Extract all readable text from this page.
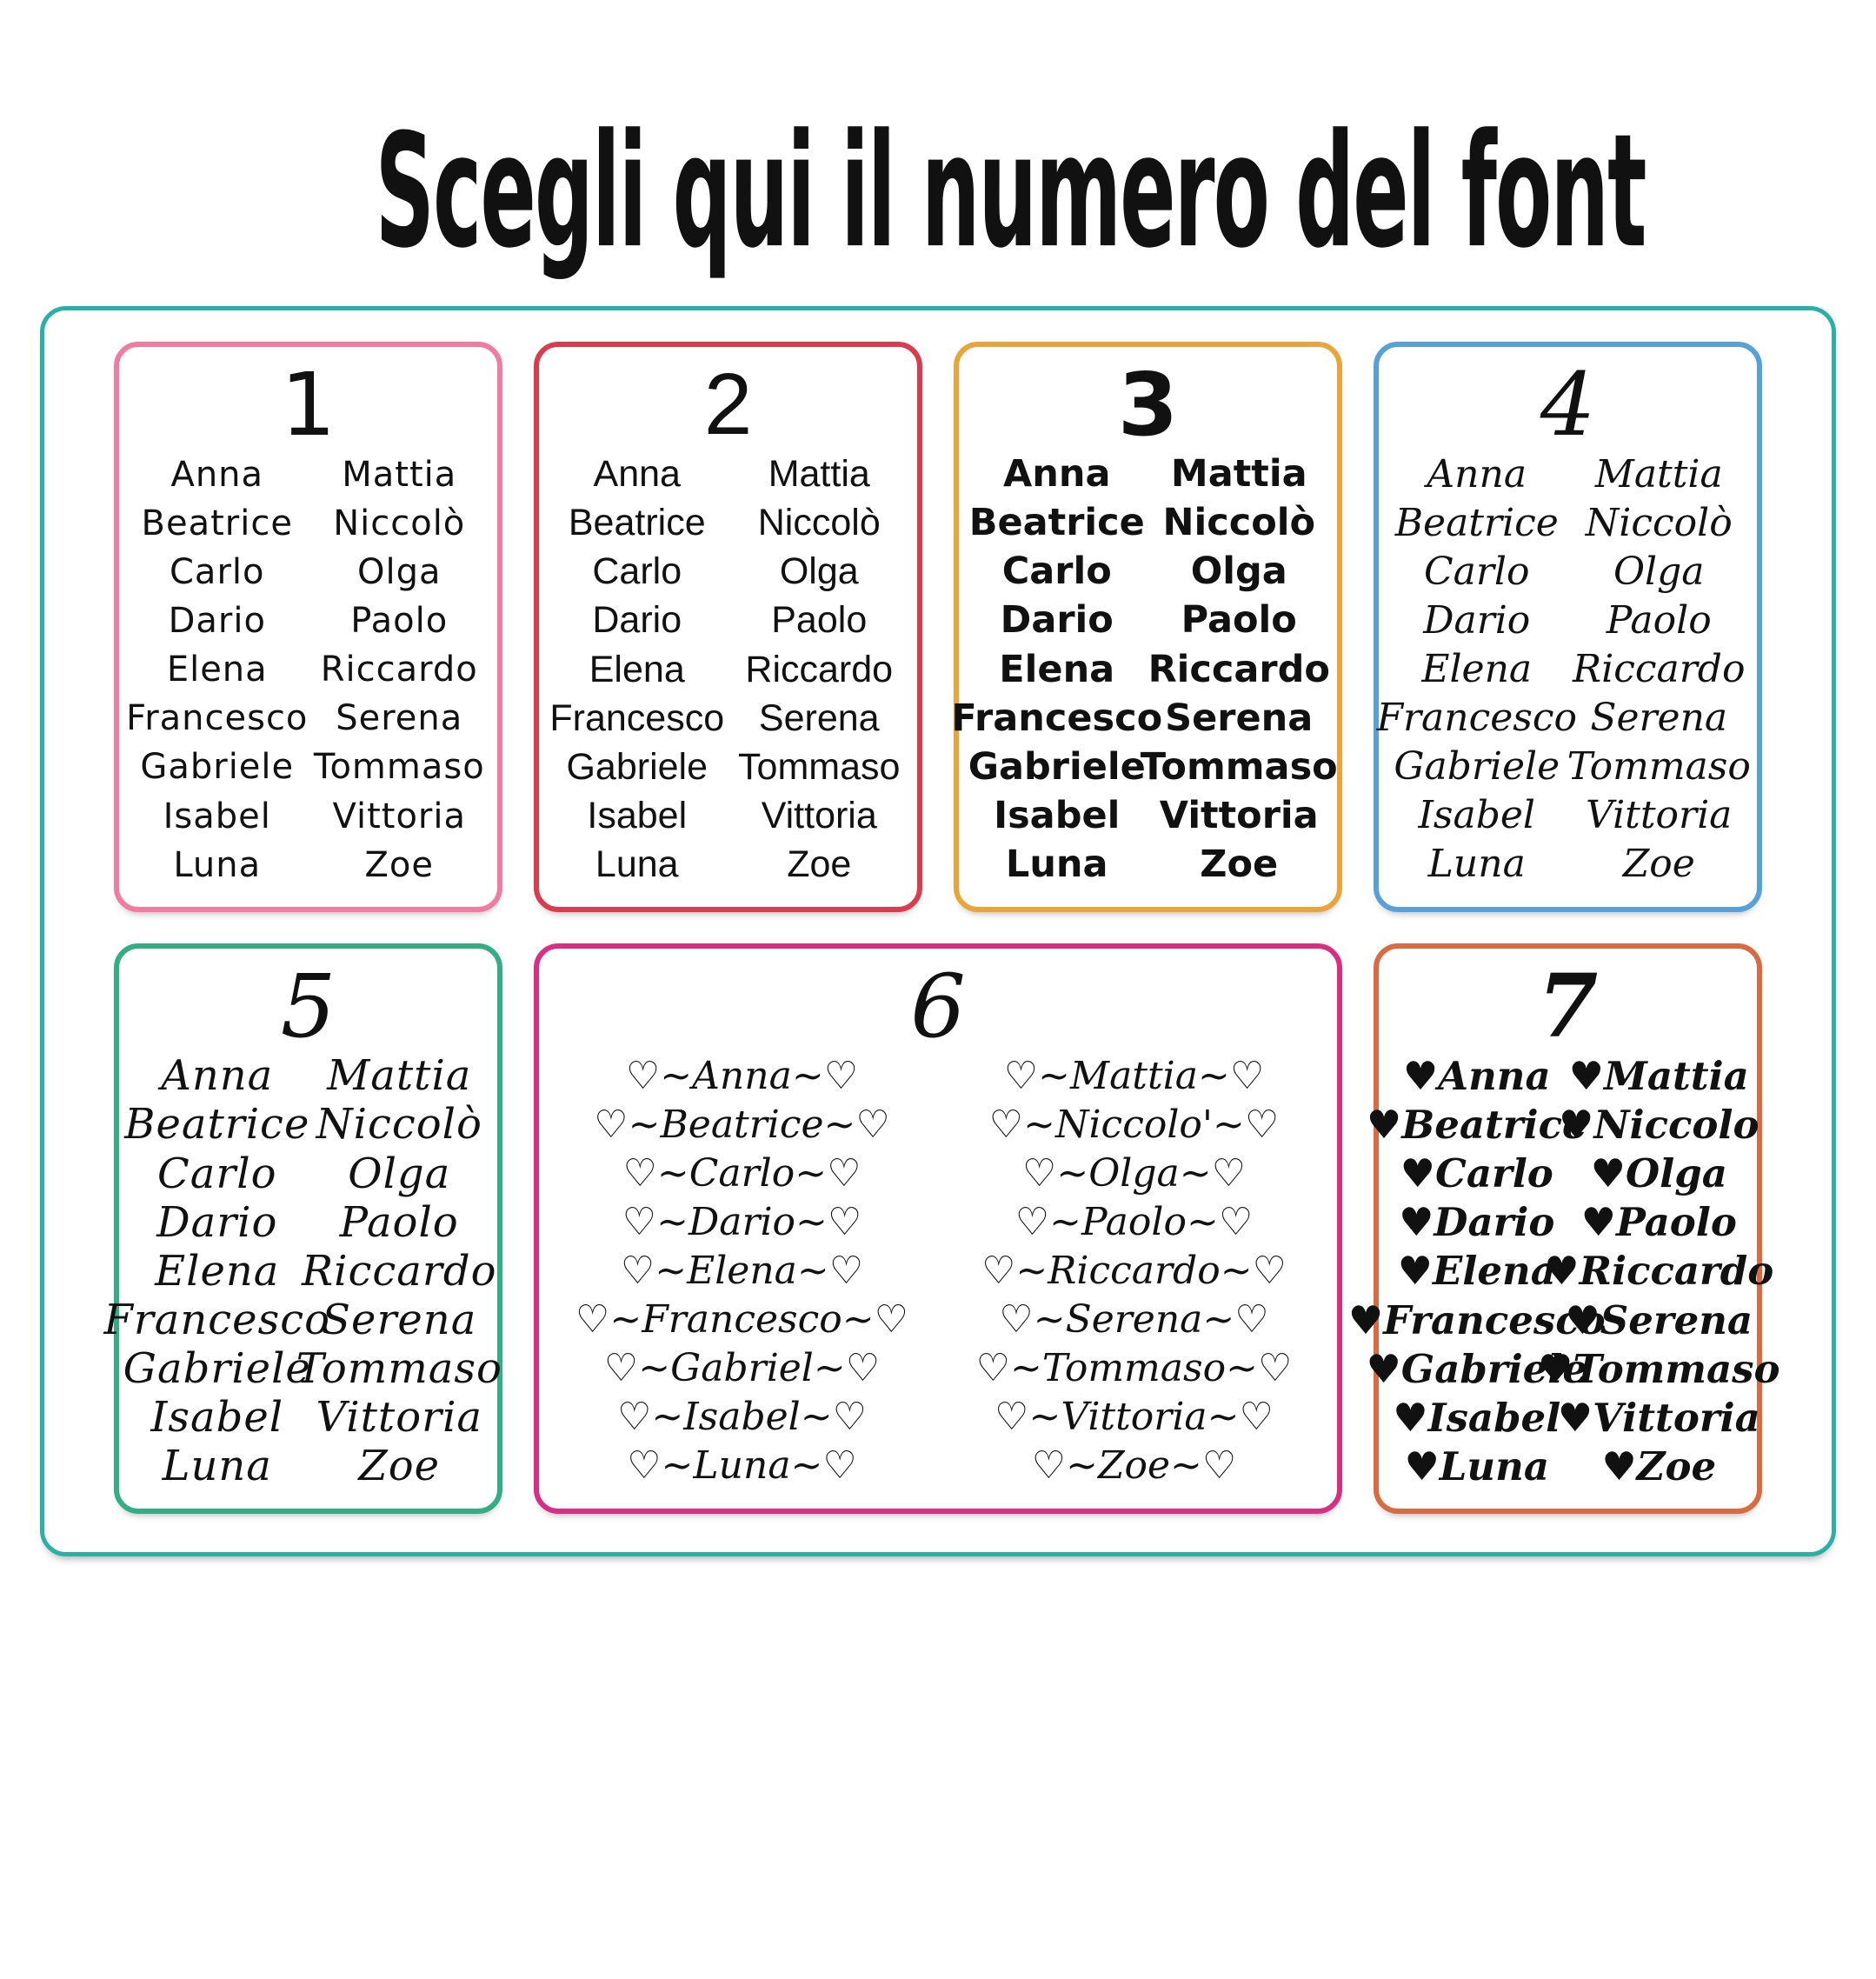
Scegli qui il numero del font
1
Anna
Beatrice
Carlo
Dario
Elena
Francesco
Gabriele
Isabel
Luna
Mattia
Niccolò
Olga
Paolo
Riccardo
Serena
Tommaso
Vittoria
Zoe
2
Anna
Beatrice
Carlo
Dario
Elena
Francesco
Gabriele
Isabel
Luna
Mattia
Niccolò
Olga
Paolo
Riccardo
Serena
Tommaso
Vittoria
Zoe
3
Anna
Beatrice
Carlo
Dario
Elena
Francesco
Gabriele
Isabel
Luna
Mattia
Niccolò
Olga
Paolo
Riccardo
Serena
Tommaso
Vittoria
Zoe
4
Anna
Beatrice
Carlo
Dario
Elena
Francesco
Gabriele
Isabel
Luna
Mattia
Niccolò
Olga
Paolo
Riccardo
Serena
Tommaso
Vittoria
Zoe
5
Anna
Beatrice
Carlo
Dario
Elena
Francesco
Gabriele
Isabel
Luna
Mattia
Niccolò
Olga
Paolo
Riccardo
Serena
Tommaso
Vittoria
Zoe
6
♡~Anna~♡
♡~Beatrice~♡
♡~Carlo~♡
♡~Dario~♡
♡~Elena~♡
♡~Francesco~♡
♡~Gabriel~♡
♡~Isabel~♡
♡~Luna~♡
♡~Mattia~♡
♡~Niccolo'~♡
♡~Olga~♡
♡~Paolo~♡
♡~Riccardo~♡
♡~Serena~♡
♡~Tommaso~♡
♡~Vittoria~♡
♡~Zoe~♡
7
♥Anna
♥Beatrice
♥Carlo
♥Dario
♥Elena
♥Francesco
♥Gabriele
♥Isabel
♥Luna
♥Mattia
♥Niccolo
♥Olga
♥Paolo
♥Riccardo
♥Serena
♥Tommaso
♥Vittoria
♥Zoe
